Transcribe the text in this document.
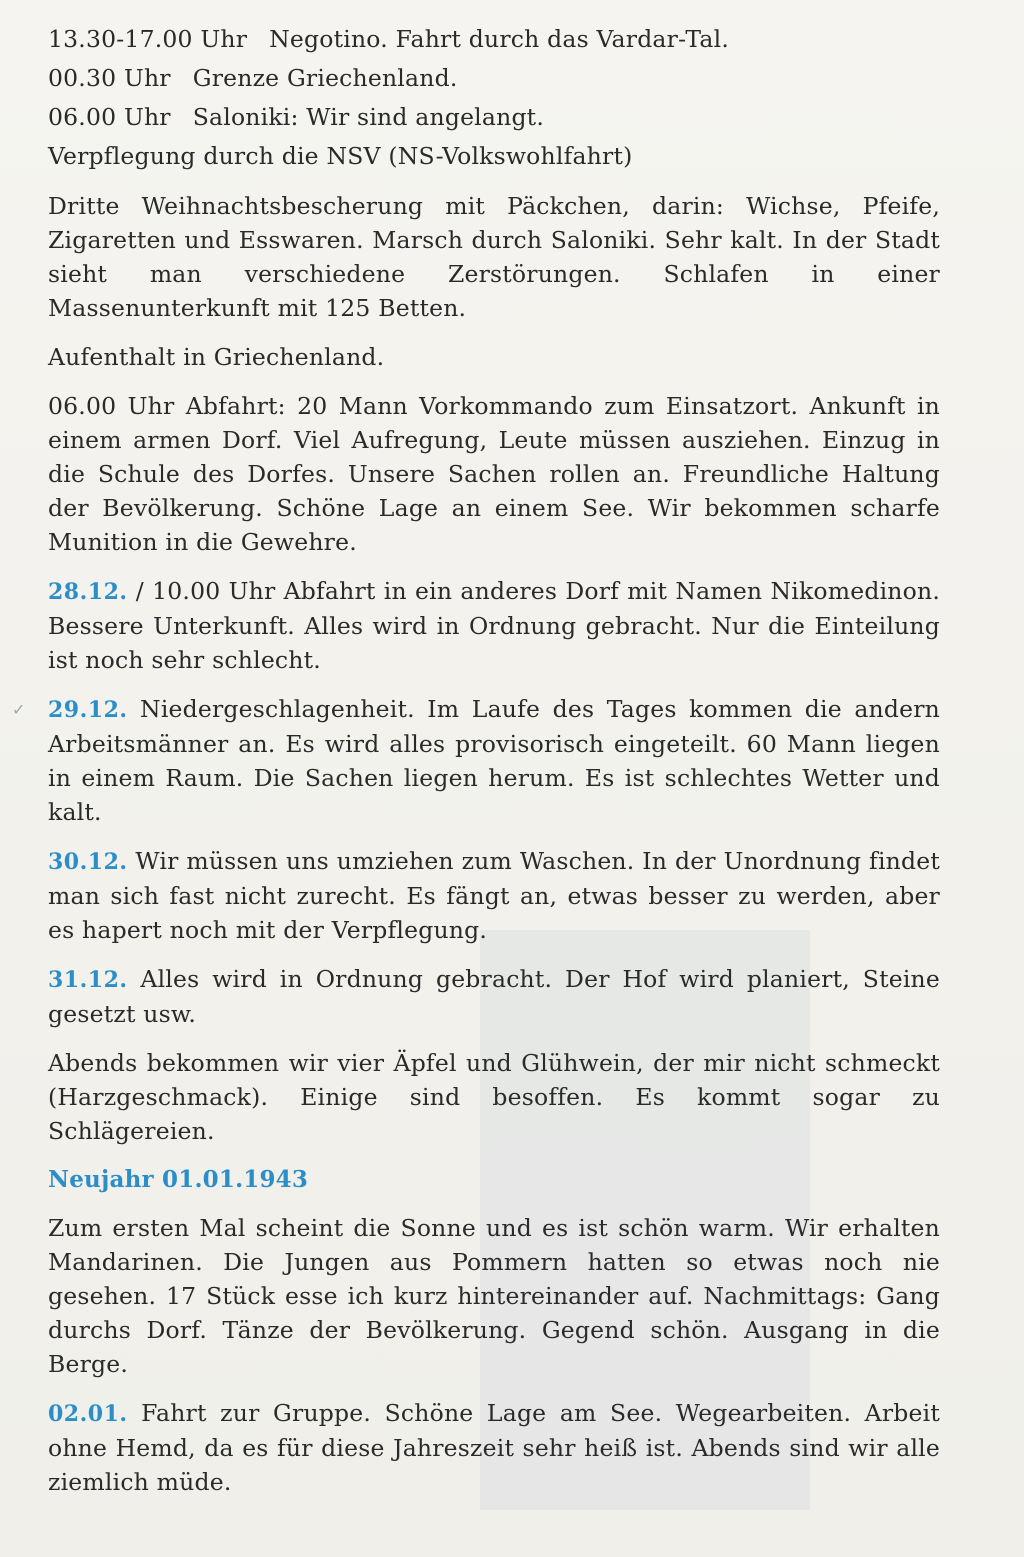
✓
13.30-17.00 Uhr Negotino. Fahrt durch das Vardar-Tal.
00.30 Uhr Grenze Griechenland.
06.00 Uhr Saloniki: Wir sind angelangt.
Verpflegung durch die NSV (NS-Volkswohlfahrt)

Dritte Weihnachtsbescherung mit Päckchen, darin: Wichse, Pfeife, Zigaretten und Esswaren. Marsch durch Saloniki. Sehr kalt. In der Stadt sieht man verschiedene Zerstörungen. Schlafen in einer Massenunterkunft mit 125 Betten.

Aufenthalt in Griechenland.

06.00 Uhr Abfahrt: 20 Mann Vorkommando zum Einsatzort. Ankunft in einem armen Dorf. Viel Aufregung, Leute müssen ausziehen. Einzug in die Schule des Dorfes. Unsere Sachen rollen an. Freundliche Haltung der Bevölkerung. Schöne Lage an einem See. Wir bekommen scharfe Munition in die Gewehre.

28.12. / 10.00 Uhr Abfahrt in ein anderes Dorf mit Namen Nikomedinon. Bessere Unterkunft. Alles wird in Ordnung gebracht. Nur die Einteilung ist noch sehr schlecht.

29.12. Niedergeschlagenheit. Im Laufe des Tages kommen die andern Arbeitsmänner an. Es wird alles provisorisch eingeteilt. 60 Mann liegen in einem Raum. Die Sachen liegen herum. Es ist schlechtes Wetter und kalt.

30.12. Wir müssen uns umziehen zum Waschen. In der Unordnung findet man sich fast nicht zurecht. Es fängt an, etwas besser zu werden, aber es hapert noch mit der Verpflegung.

31.12. Alles wird in Ordnung gebracht. Der Hof wird planiert, Steine gesetzt usw.

Abends bekommen wir vier Äpfel und Glühwein, der mir nicht schmeckt (Harzgeschmack). Einige sind besoffen. Es kommt sogar zu Schlägereien.

Neujahr 01.01.1943

Zum ersten Mal scheint die Sonne und es ist schön warm. Wir erhalten Mandarinen. Die Jungen aus Pommern hatten so etwas noch nie gesehen. 17 Stück esse ich kurz hintereinander auf. Nachmittags: Gang durchs Dorf. Tänze der Bevölkerung. Gegend schön. Ausgang in die Berge.

02.01. Fahrt zur Gruppe. Schöne Lage am See. Wegearbeiten. Arbeit ohne Hemd, da es für diese Jahreszeit sehr heiß ist. Abends sind wir alle ziemlich müde.
